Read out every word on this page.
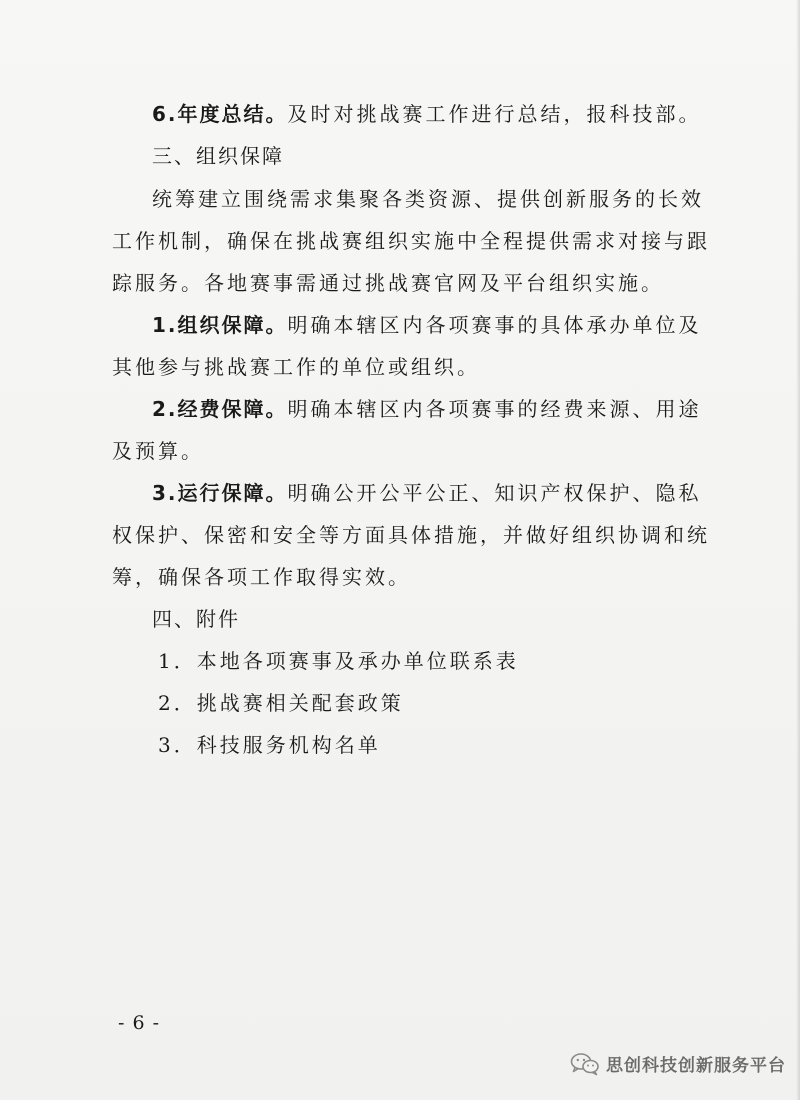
6.年度总结。及时对挑战赛工作进行总结，报科技部。
三、组织保障
统筹建立围绕需求集聚各类资源、提供创新服务的长效
工作机制，确保在挑战赛组织实施中全程提供需求对接与跟
踪服务。各地赛事需通过挑战赛官网及平台组织实施。
1.组织保障。明确本辖区内各项赛事的具体承办单位及
其他参与挑战赛工作的单位或组织。
2.经费保障。明确本辖区内各项赛事的经费来源、用途
及预算。
3.运行保障。明确公开公平公正、知识产权保护、隐私
权保护、保密和安全等方面具体措施，并做好组织协调和统
筹，确保各项工作取得实效。
四、附件
1．本地各项赛事及承办单位联系表
2．挑战赛相关配套政策
3．科技服务机构名单
- 6 -
思创科技创新服务平台
